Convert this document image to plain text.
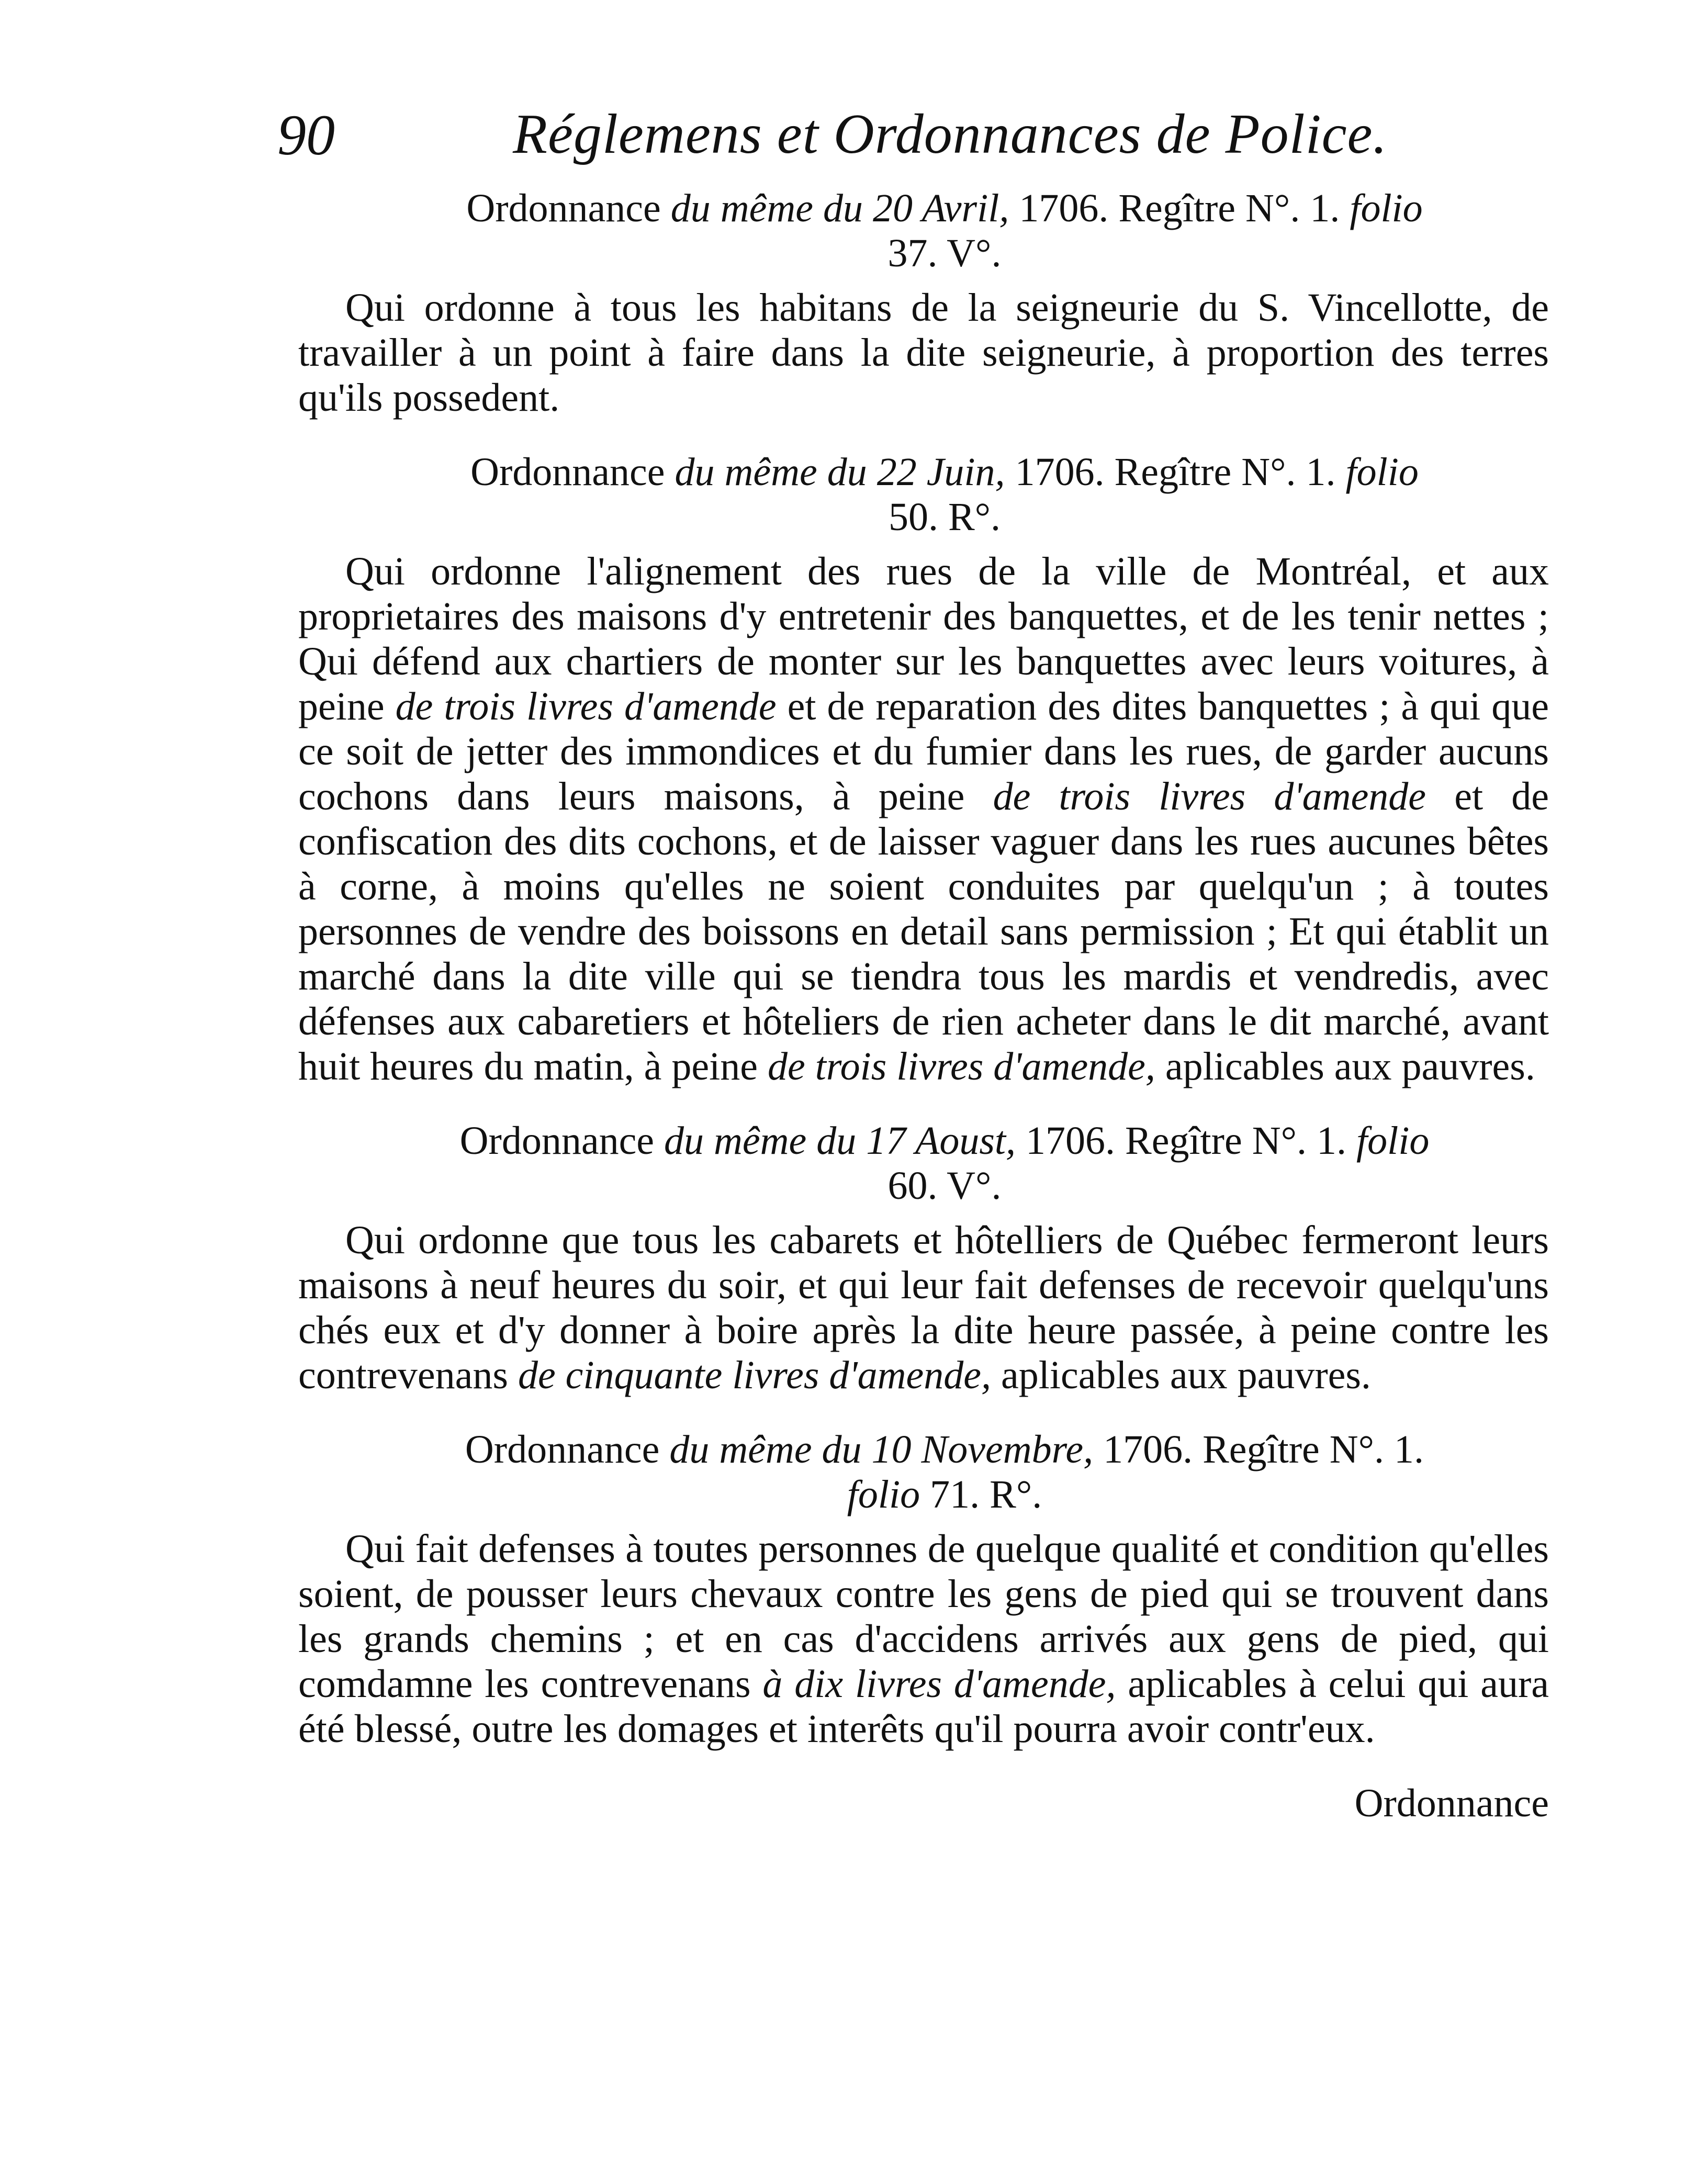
90	Réglemens et Ordonnances de Police.
Ordonnance du même du 20 Avril, 1706. Regître N°. 1. folio
37. V°.
Qui ordonne à tous les habitans de la seigneurie du S. Vincellotte, de travailler à un point à faire dans la dite seigneurie, à proportion des terres qu'ils possedent.
Ordonnance du même du 22 Juin, 1706. Regître N°. 1. folio
50. R°.
Qui ordonne l'alignement des rues de la ville de Montréal, et aux proprietaires des maisons d'y entretenir des banquettes, et de les tenir nettes ; Qui défend aux chartiers de monter sur les banquettes avec leurs voitures, à peine de trois livres d'amende et de reparation des dites banquettes ; à qui que ce soit de jetter des immondices et du fumier dans les rues, de garder aucuns cochons dans leurs maisons, à peine de trois livres d'amende et de confiscation des dits cochons, et de laisser vaguer dans les rues aucunes bêtes à corne, à moins qu'elles ne soient conduites par quelqu'un ; à toutes personnes de vendre des boissons en detail sans permission ; Et qui établit un marché dans la dite ville qui se tiendra tous les mardis et vendredis, avec défenses aux cabaretiers et hôteliers de rien acheter dans le dit marché, avant huit heures du matin, à peine de trois livres d'amende, aplicables aux pauvres.
Ordonnance du même du 17 Aoust, 1706. Regître N°. 1. folio
60. V°.
Qui ordonne que tous les cabarets et hôtelliers de Québec fermeront leurs maisons à neuf heures du soir, et qui leur fait defenses de recevoir quelqu'uns chés eux et d'y donner à boire après la dite heure passée, à peine contre les contrevenans de cinquante livres d'amende, aplicables aux pauvres.
Ordonnance du même du 10 Novembre, 1706. Regître N°. 1.
folio 71. R°.
Qui fait defenses à toutes personnes de quelque qualité et condition qu'elles soient, de pousser leurs chevaux contre les gens de pied qui se trouvent dans les grands chemins ; et en cas d'accidens arrivés aux gens de pied, qui comdamne les contrevenans à dix livres d'amende, aplicables à celui qui aura été blessé, outre les domages et interêts qu'il pourra avoir contr'eux.
Ordonnance
